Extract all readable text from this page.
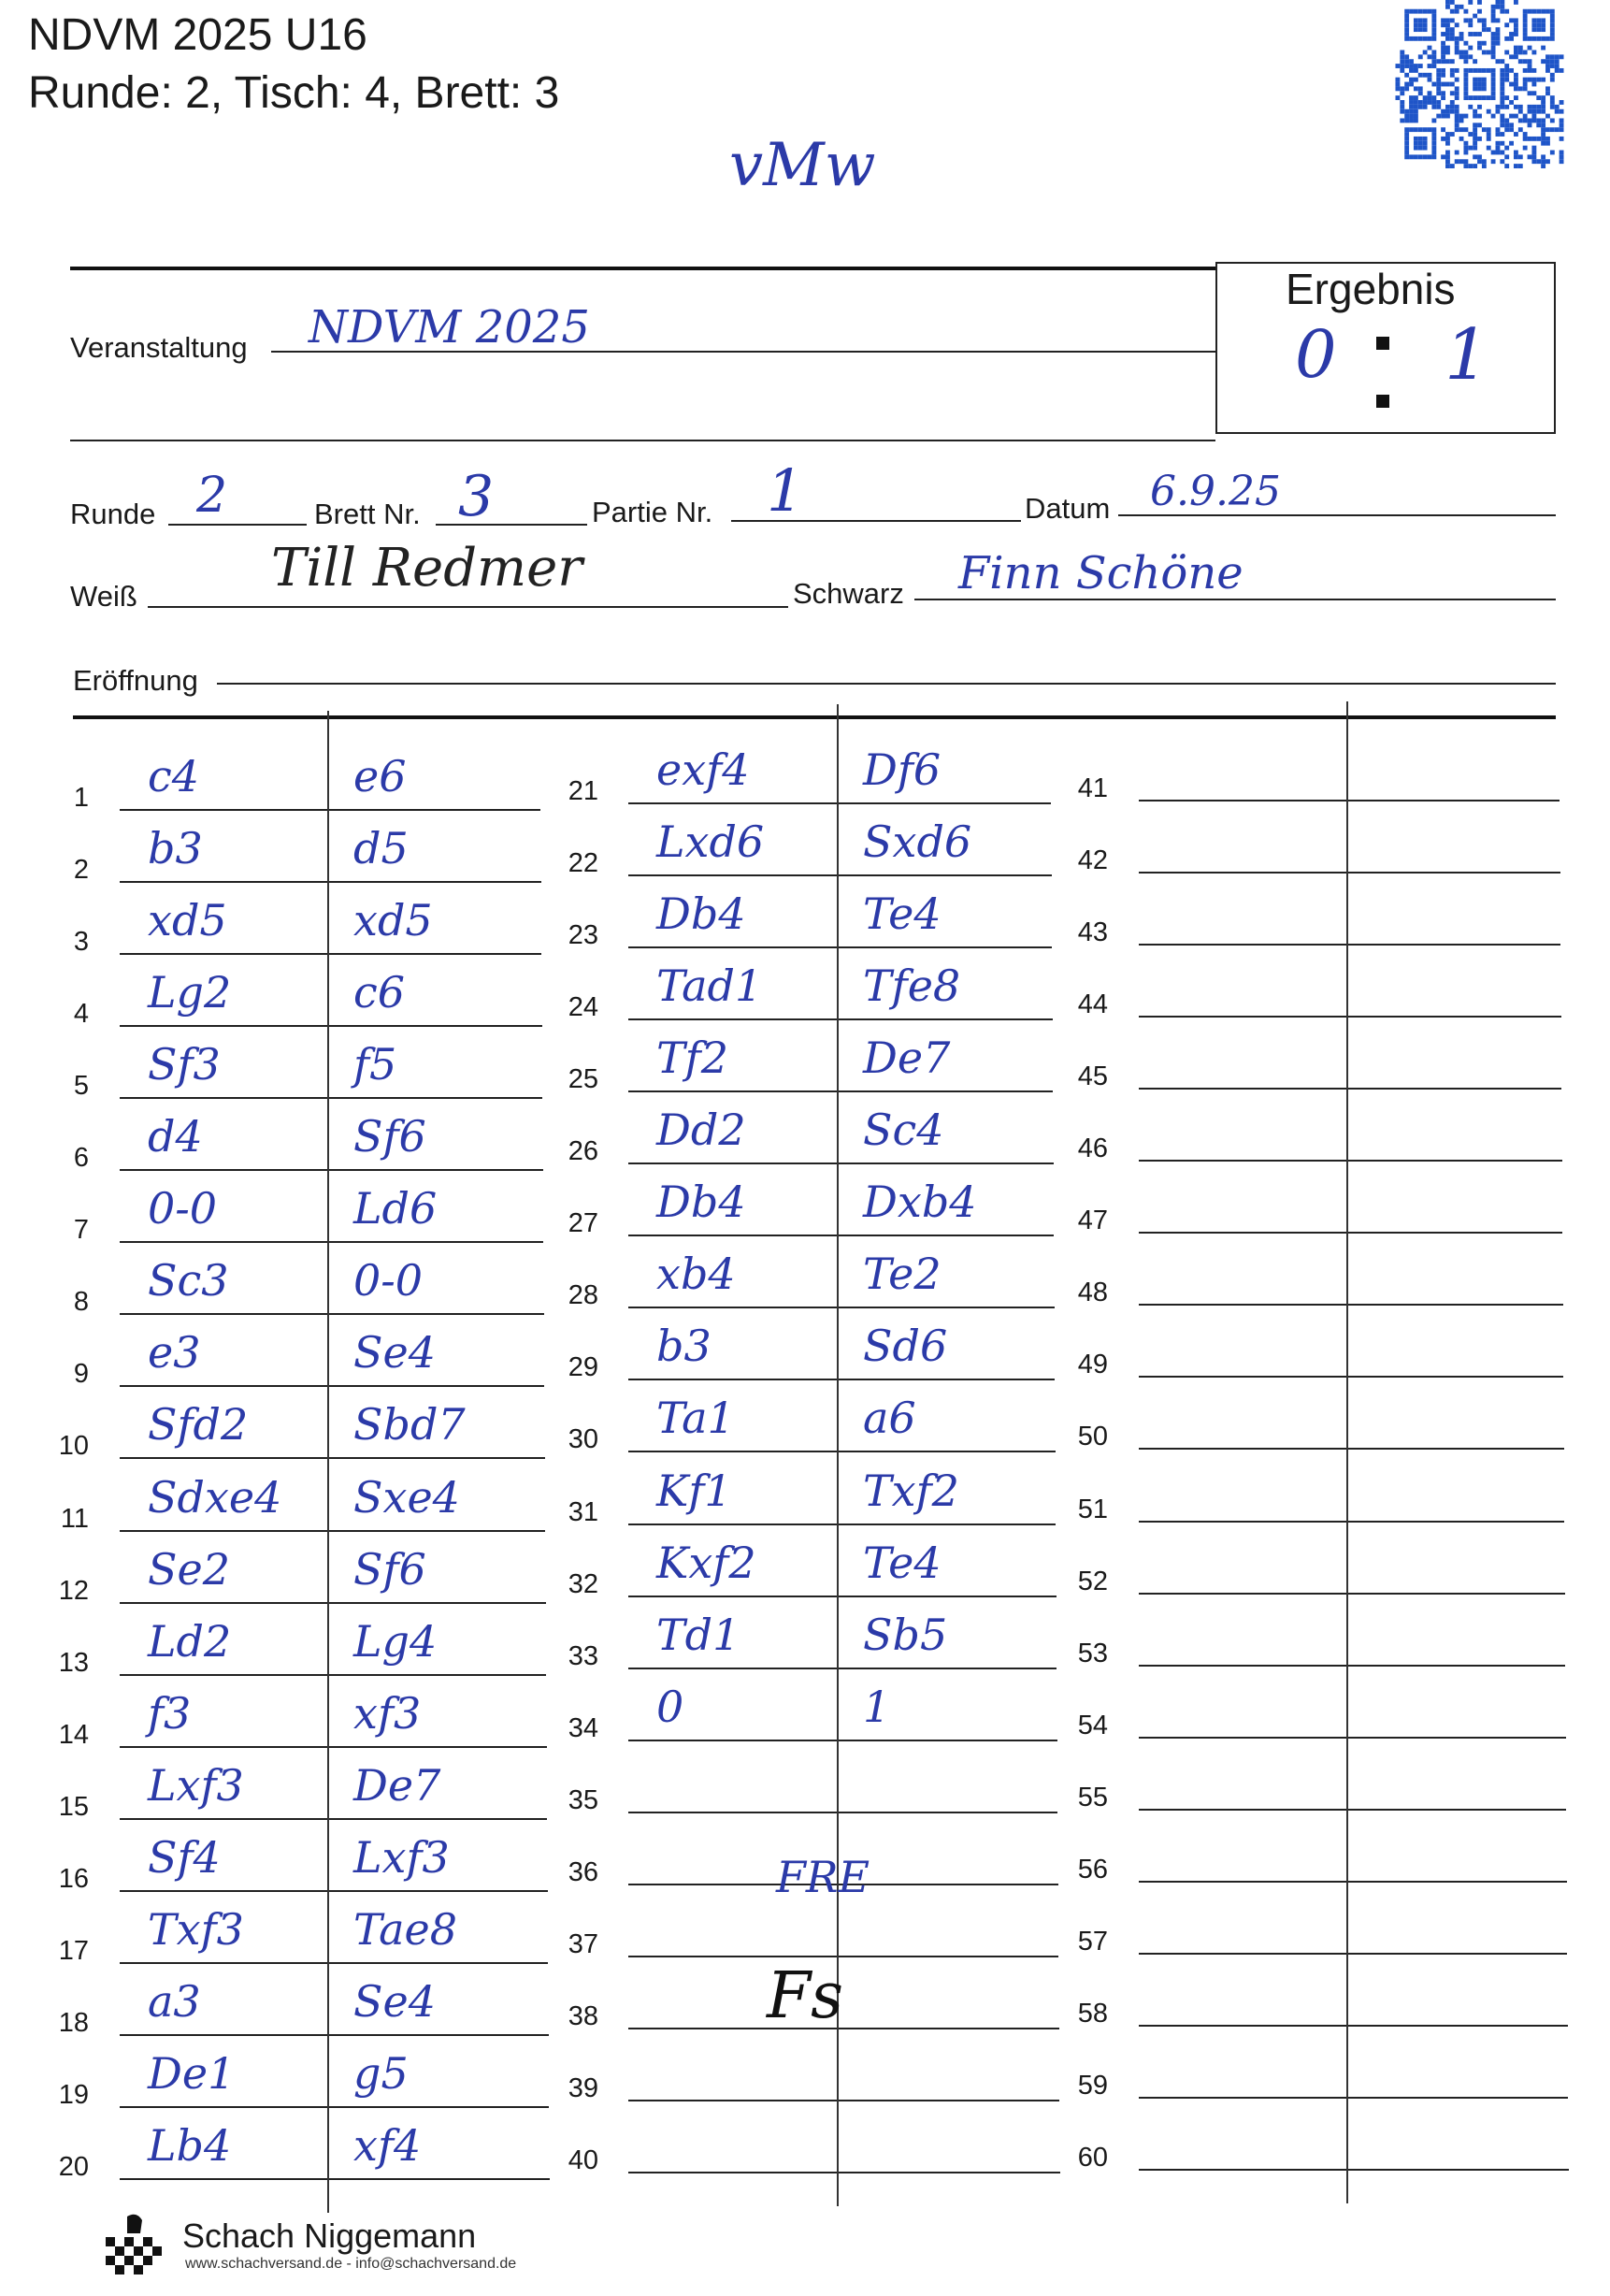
NDVM 2025 U16
Runde: 2, Tisch: 4, Brett: 3
vMw
Ergebnis
0 1
Veranstaltung NDVM 2025
Runde 2	Brett Nr. 3	Partie Nr. 1	Datum 6.9.25
Weiß	Till Redmer	Schwarz Finn Schöne
Eröffnung
1 c4	e6
2 b3	d5
3 xd5	xd5
4 Lg2	c6
5 Sf3	f5
6 d4	Sf6
7 0-0	Ld6
8 Sc3	0-0
9 e3	Se4
10 Sfd2 Sbd7
11 Sdxe4 Sxe4
12 Se2	Sf6
13 Ld2	Lg4
14 f3	xf3
15 Lxf3	De7
16 Sf4	Lxf3
17 Txf3	Tae8
18 a3	Se4
19 De1	g5
20 Lb4	xf4
21 exf4	Df6
22 Lxd6 Sxd6
23 Db4	Te4
24 Tad1 Tfe8
25 Tf2	De7
26 Dd2	Sc4
27 Db4	Dxb4
28 xb4	Te2
29 b3	Sd6
30 Ta1	a6
31 Kf1	Txf2
32 Kxf2 Te4
33 Td1	Sb5
34 0	1
35
36
37
38
39
40
41
42
43
44
45
46
47
48
49
50
51
52
53
54
55
56
57
58
59
60
FRE
Fs
Schach Niggemann
www.schachversand.de - info@schachversand.de
